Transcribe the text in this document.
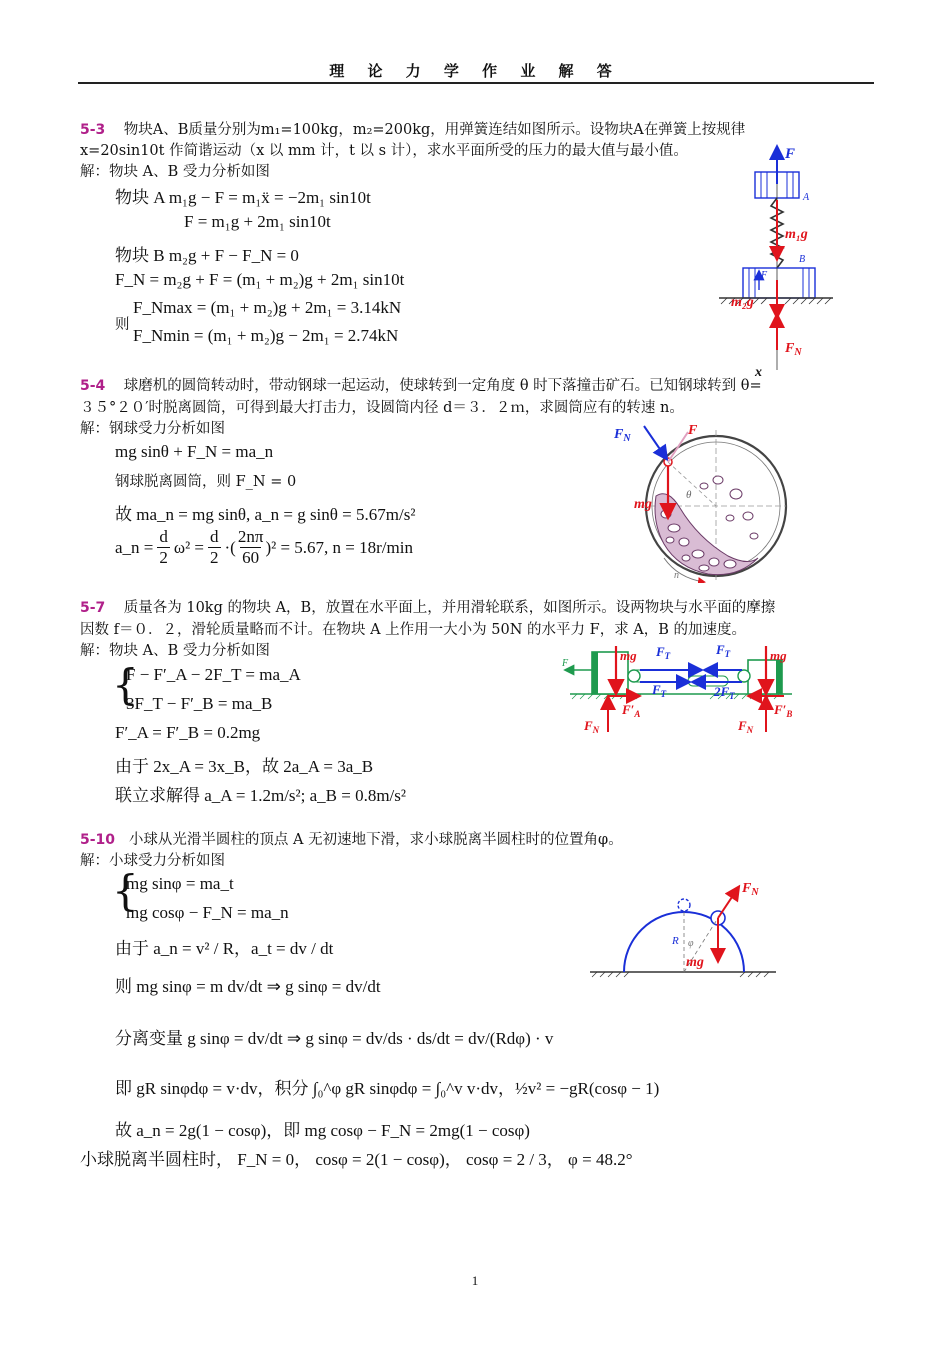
理 论 力 学 作 业 解 答
5-3 物块A、B质量分别为m₁=100kg，m₂=200kg，用弹簧连结如图所示。设物块A在弹簧上按规律
x=20sin10t 作简谐运动（x 以 mm 计，t 以 s 计），求水平面所受的压力的最大值与最小值。
解：物块 A、B 受力分析如图
物块 A m₁g − F = m₁ẍ = −2m₁ sin10t
F = m₁g + 2m₁ sin10t
物块 B m₂g + F − F_N = 0
F_N = m₂g + F = (m₁ + m₂)g + 2m₁ sin10t
则
F_Nmax = (m₁ + m₂)g + 2m₁ = 3.14kN
F_Nmin = (m₁ + m₂)g − 2m₁ = 2.74kN
F
A
m₁g
B
F
m₂g
$F_N$
x
5-4 球磨机的圆筒转动时，带动钢球一起运动，使球转到一定角度 θ 时下落撞击矿石。已知钢球转到 θ=
３５°２０′时脱离圆筒，可得到最大打击力，设圆筒内径 d＝３．２ｍ，求圆筒应有的转速 n。
解：钢球受力分析如图
mg sinθ + F_N = ma_n
钢球脱离圆筒，则 F_N = 0
故 ma_n = mg sinθ, a_n = g sinθ = 5.67m/s²
a_n = $\frac{d}{2} \omega^2 = \frac{d}{2}$ ·(
2nπ
60
)² = 5.67, n = 18r/min
$F_N$
F
mg
θ
n
5-7 质量各为 10kg 的物块 A，B，放置在水平面上，并用滑轮联系，如图所示。设两物块与水平面的摩擦
因数 f＝０．２，滑轮质量略而不计。在物块 A 上作用一大小为 50N 的水平力 F，求 A，B 的加速度。
解：物块 A、B 受力分析如图
{
F − F′_A − 2F_T = ma_A
3F_T − F′_B = ma_B
F′_A = F′_B = 0.2mg
由于 2x_A = 3x_B，故 2a_A = 3a_B
联立求解得 a_A = 1.2m/s²; a_B = 0.8m/s²
F
mg $F_T$	$F_T$	mg
$F_T$	$2F_T$
$F'_A$	$F'_B$
$F_N$	$F_N$
5-10 小球从光滑半圆柱的顶点 A 无初速地下滑，求小球脱离半圆柱时的位置角φ。
解：小球受力分析如图
{
mg sinφ = ma_t
mg cosφ − F_N = ma_n
由于 a_n = v² / R，a_t = dv / dt
则 mg sinφ = m dv/dt ⇒ g sinφ = dv/dt
分离变量 g sinφ = dv/dt ⇒ g sinφ = dv/ds · ds/dt = dv/(Rdφ) · v
即 gR sinφdφ = v·dv，积分 ∫₀^φ gR sinφdφ = ∫₀^v v·dv，½v² = −gR(cosφ − 1)
故 a_n = 2g(1 − cosφ)，即 mg cosφ − F_N = 2mg(1 − cosφ)
小球脱离半圆柱时， F_N = 0， cosφ = 2(1 − cosφ)， cosφ = 2 / 3， φ = 48.2°
$F_N$
R φ
mg
1
